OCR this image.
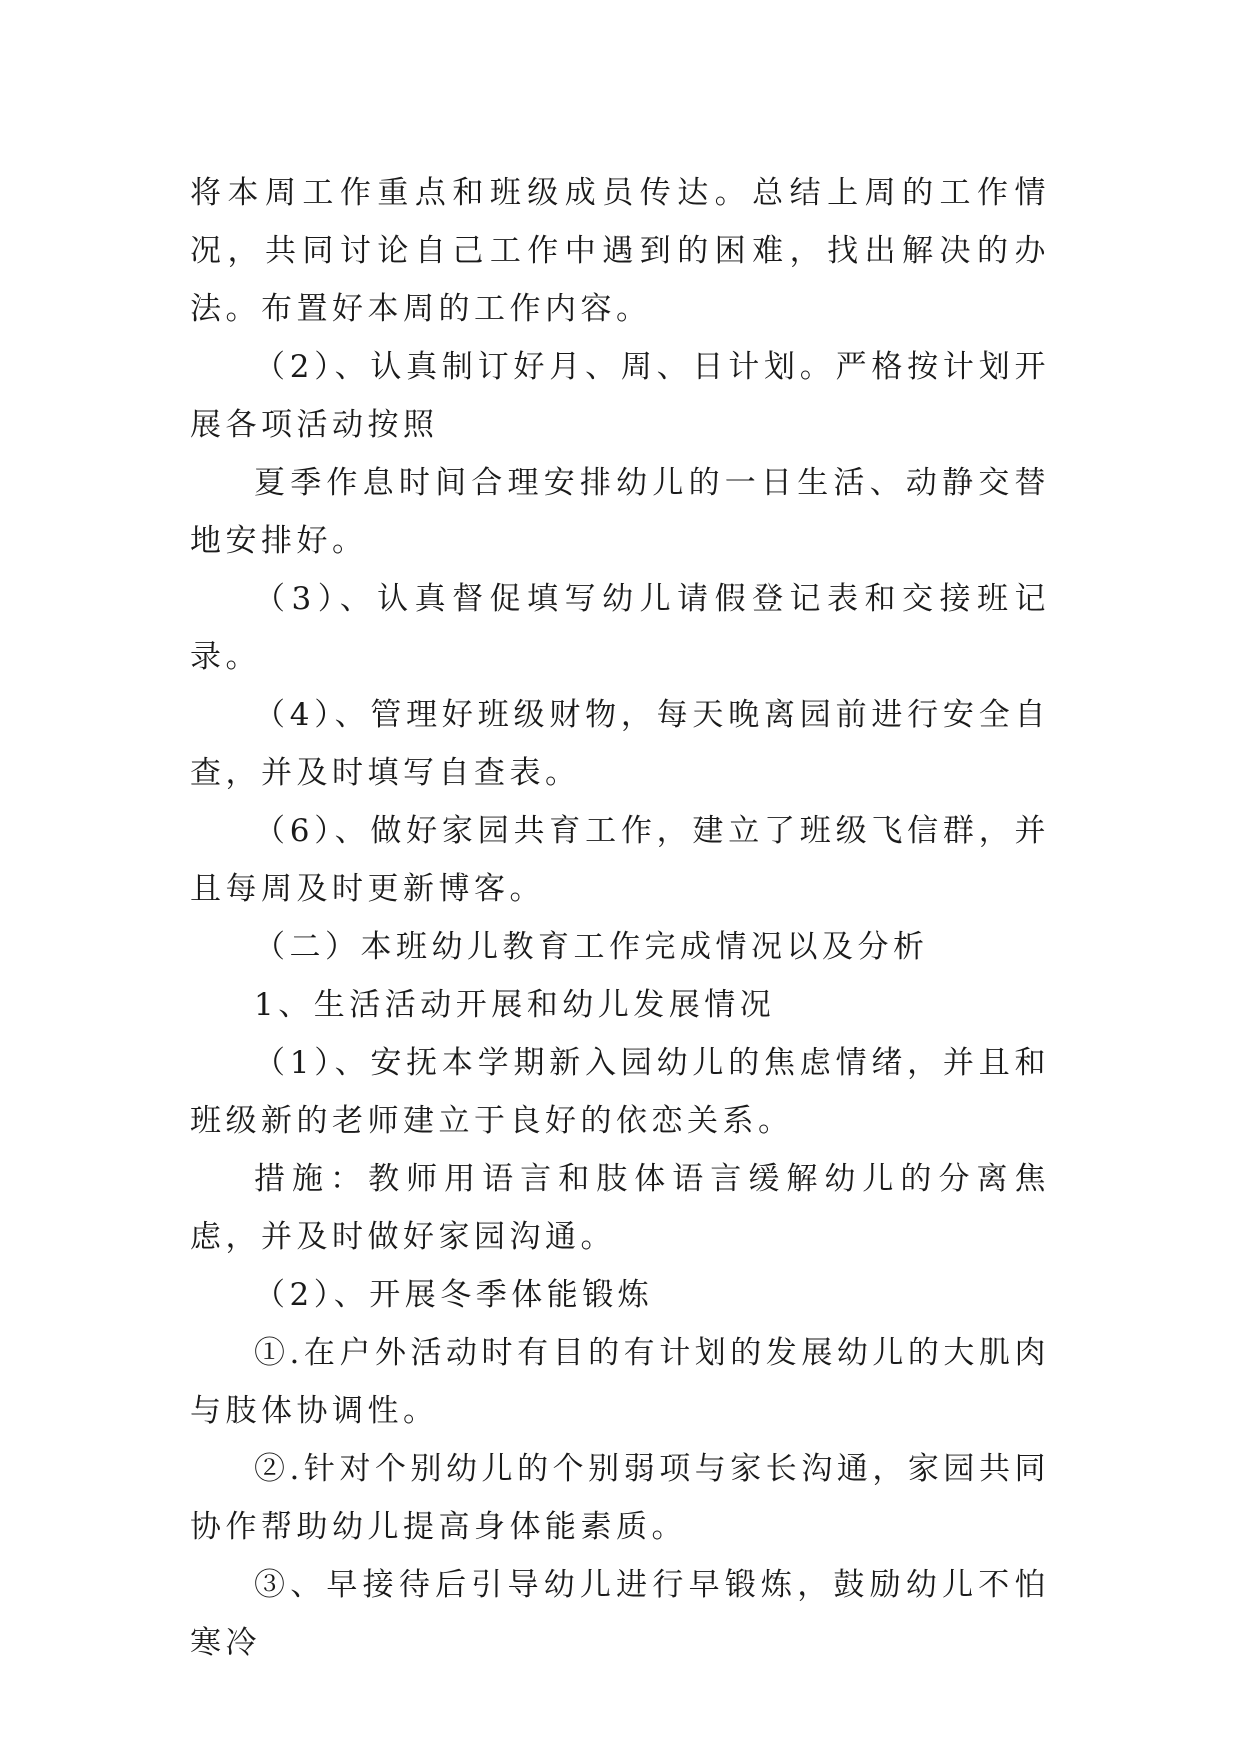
将本周工作重点和班级成员传达。总结上周的工作情况，共同讨论自己工作中遇到的困难，找出解决的办法。布置好本周的工作内容。

（2）、认真制订好月、周、日计划。严格按计划开展各项活动按照

夏季作息时间合理安排幼儿的一日生活、动静交替地安排好。

（3）、认真督促填写幼儿请假登记表和交接班记录。

（4）、管理好班级财物，每天晚离园前进行安全自查，并及时填写自查表。

（6）、做好家园共育工作，建立了班级飞信群，并且每周及时更新博客。

（二）本班幼儿教育工作完成情况以及分析

1、生活活动开展和幼儿发展情况

（1）、安抚本学期新入园幼儿的焦虑情绪，并且和班级新的老师建立于良好的依恋关系。

措施：教师用语言和肢体语言缓解幼儿的分离焦虑，并及时做好家园沟通。

（2）、开展冬季体能锻炼

①.在户外活动时有目的有计划的发展幼儿的大肌肉与肢体协调性。

②.针对个别幼儿的个别弱项与家长沟通，家园共同协作帮助幼儿提高身体能素质。

③、早接待后引导幼儿进行早锻炼，鼓励幼儿不怕寒冷
